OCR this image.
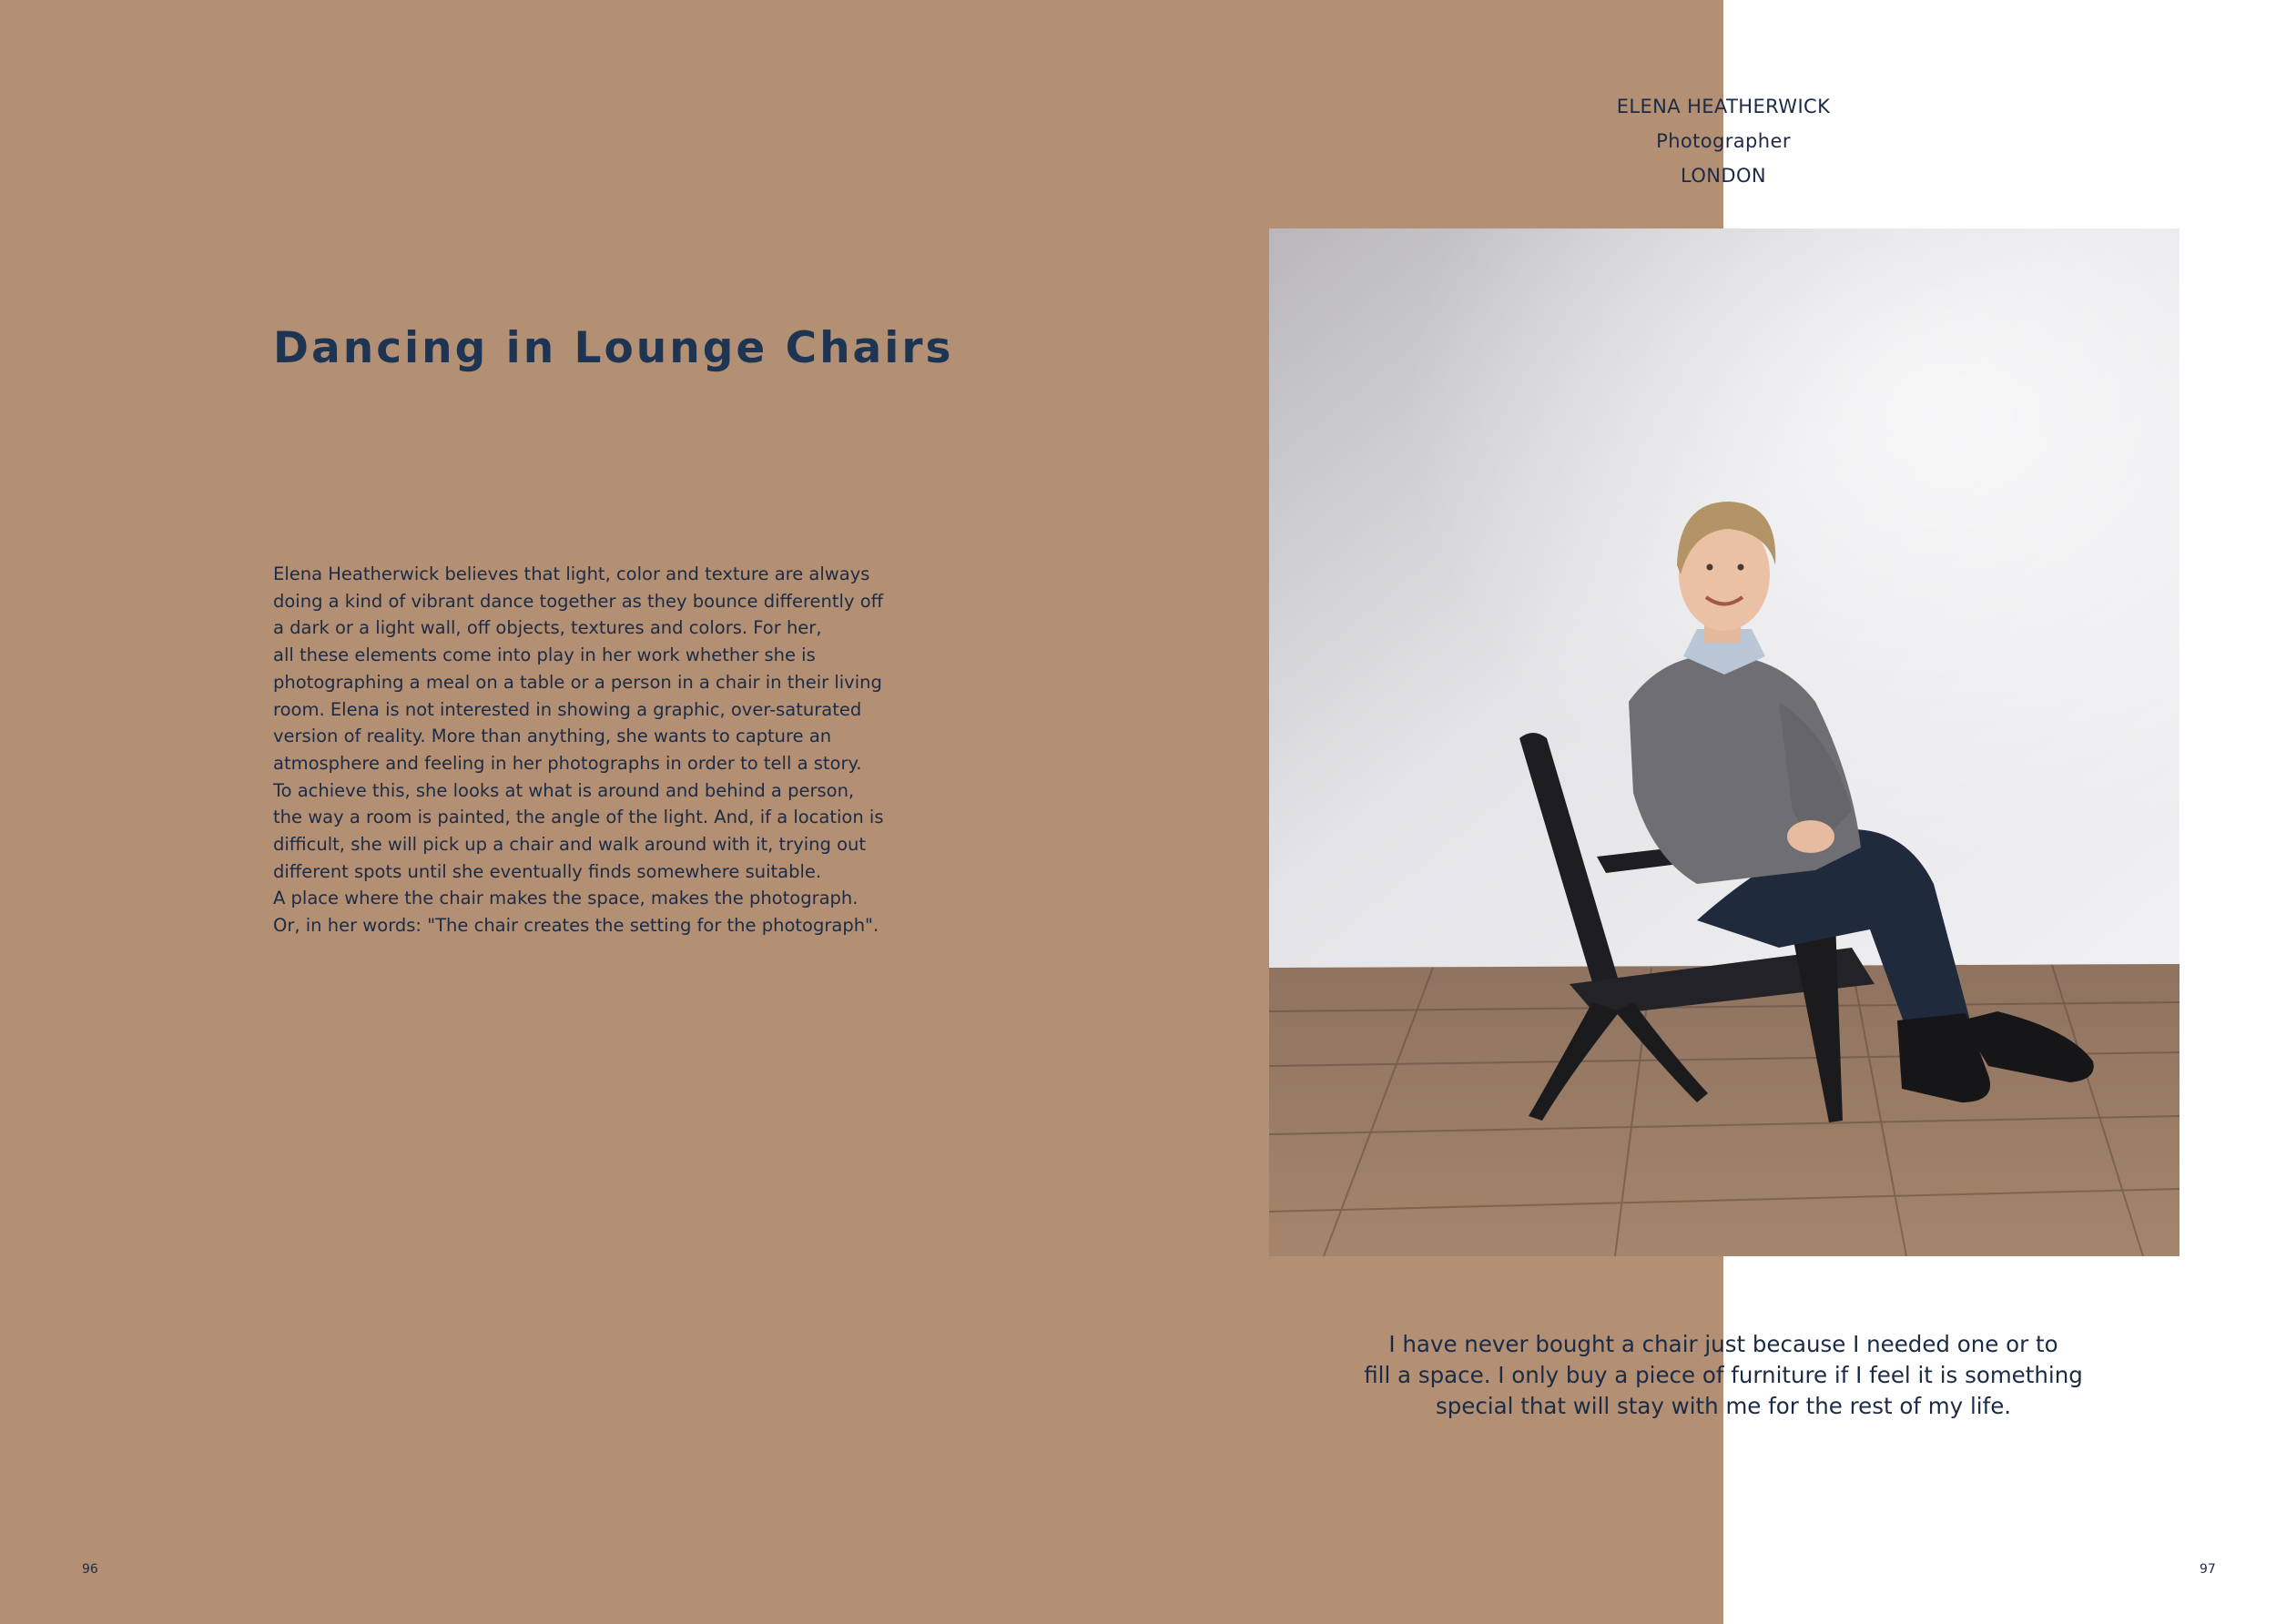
ELENA HEATHERWICK
Photographer
LONDON
Dancing in Lounge Chairs

Elena Heatherwick believes that light, color and texture are always
doing a kind of vibrant dance together as they bounce differently off
a dark or a light wall, off objects, textures and colors. For her,
all these elements come into play in her work whether she is
photographing a meal on a table or a person in a chair in their living
room. Elena is not interested in showing a graphic, over-saturated
version of reality. More than anything, she wants to capture an
atmosphere and feeling in her photographs in order to tell a story.
To achieve this, she looks at what is around and behind a person,
the way a room is painted, the angle of the light. And, if a location is
difficult, she will pick up a chair and walk around with it, trying out
different spots until she eventually finds somewhere suitable.
A place where the chair makes the space, makes the photograph.
Or, in her words: "The chair creates the setting for the photograph".

I have never bought a chair just because I needed one or to
fill a space. I only buy a piece of furniture if I feel it is something
special that will stay with me for the rest of my life.

96	97
